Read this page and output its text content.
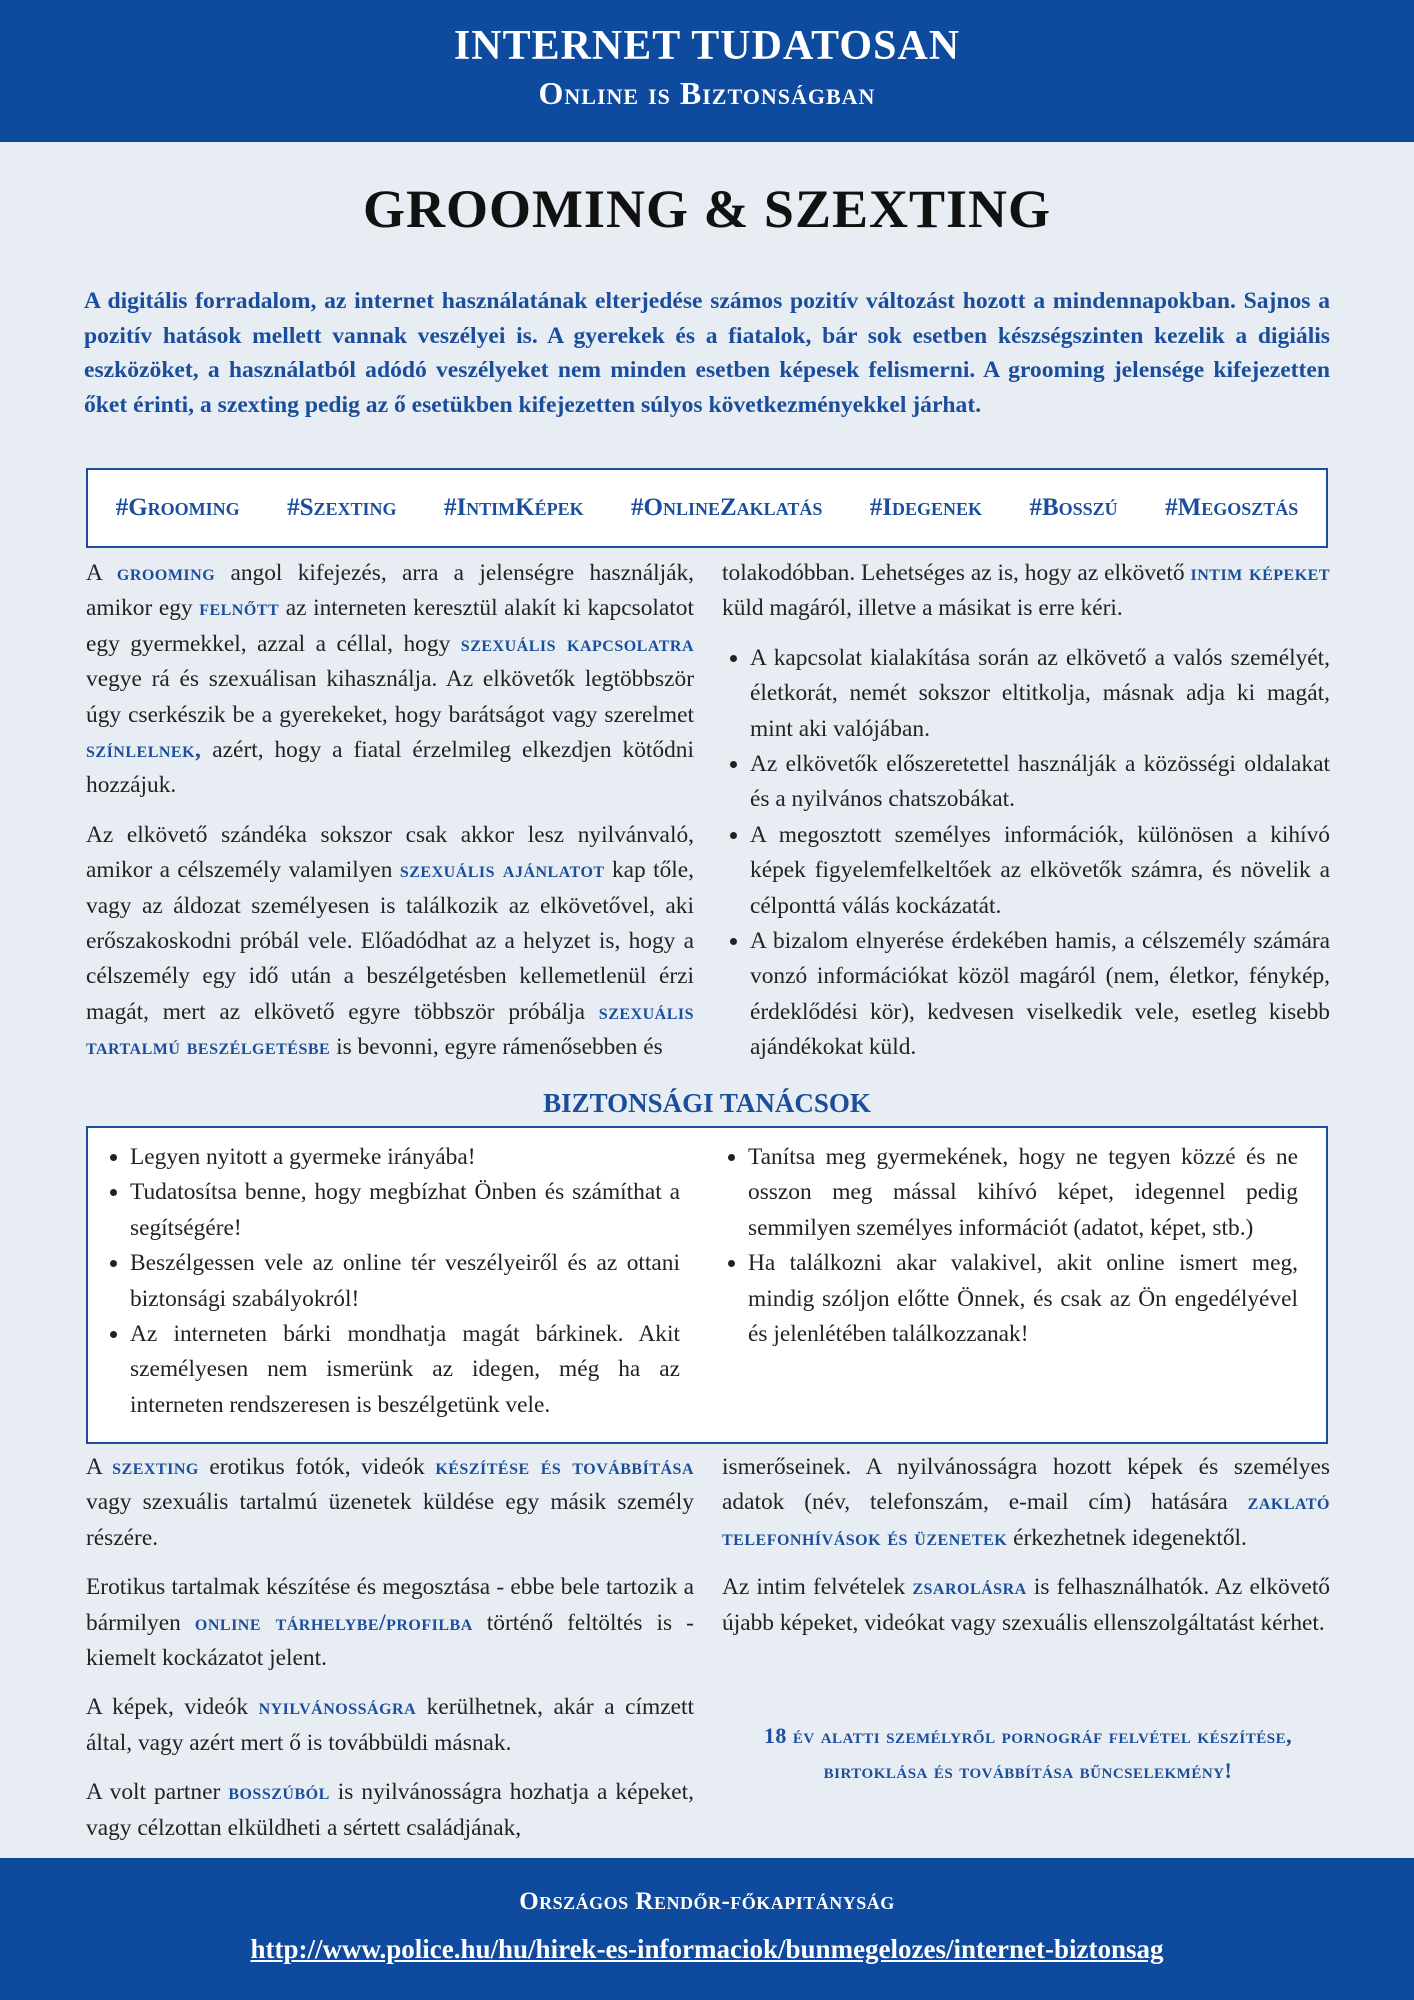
INTERNET TUDATOSAN
Online is Biztonságban
GROOMING & SZEXTING
A digitális forradalom, az internet használatának elterjedése számos pozitív változást hozott a mindennapokban. Sajnos a pozitív hatások mellett vannak veszélyei is. A gyerekek és a fiatalok, bár sok esetben készségszinten kezelik a digiális eszközöket, a használatból adódó veszélyeket nem minden esetben képesek felismerni. A grooming jelensége kifejezetten őket érinti, a szexting pedig az ő esetükben kifejezetten súlyos következményekkel járhat.
#Grooming #Szexting #IntimKépek #OnlineZaklatás #Idegenek #Bosszú #Megosztás

A grooming angol kifejezés, arra a jelenségre használják, amikor egy felnőtt az interneten keresztül alakít ki kapcsolatot egy gyermekkel, azzal a céllal, hogy szexuális kapcsolatra vegye rá és szexuálisan kihasználja. Az elkövetők legtöbbször úgy cserkészik be a gyerekeket, hogy barátságot vagy szerelmet színlelnek, azért, hogy a fiatal érzelmileg elkezdjen kötődni hozzájuk.

Az elkövető szándéka sokszor csak akkor lesz nyilvánvaló, amikor a célszemély valamilyen szexuális ajánlatot kap tőle, vagy az áldozat személyesen is találkozik az elkövetővel, aki erőszakoskodni próbál vele. Előadódhat az a helyzet is, hogy a célszemély egy idő után a beszélgetésben kellemetlenül érzi magát, mert az elkövető egyre többször próbálja szexuális tartalmú beszélgetésbe is bevonni, egyre rámenősebben és

tolakodóbban. Lehetséges az is, hogy az elkövető intim képeket küld magáról, illetve a másikat is erre kéri.

• A kapcsolat kialakítása során az elkövető a valós személyét, életkorát, nemét sokszor eltitkolja, másnak adja ki magát, mint aki valójában.
• Az elkövetők előszeretettel használják a közösségi oldalakat és a nyilvános chatszobákat.
• A megosztott személyes információk, különösen a kihívó képek figyelemfelkeltőek az elkövetők számra, és növelik a célponttá válás kockázatát.
• A bizalom elnyerése érdekében hamis, a célszemély számára vonzó információkat közöl magáról (nem, életkor, fénykép, érdeklődési kör), kedvesen viselkedik vele, esetleg kisebb ajándékokat küld.
BIZTONSÁGI TANÁCSOK
• Legyen nyitott a gyermeke irányába!
• Tudatosítsa benne, hogy megbízhat Önben és számíthat a segítségére!
• Beszélgessen vele az online tér veszélyeiről és az ottani biztonsági szabályokról!
• Az interneten bárki mondhatja magát bárkinek. Akit személyesen nem ismerünk az idegen, még ha az interneten rendszeresen is beszélgetünk vele.
• Tanítsa meg gyermekének, hogy ne tegyen közzé és ne osszon meg mással kihívó képet, idegennel pedig semmilyen személyes információt (adatot, képet, stb.)
• Ha találkozni akar valakivel, akit online ismert meg, mindig szóljon előtte Önnek, és csak az Ön engedélyével és jelenlétében találkozzanak!

A szexting erotikus fotók, videók készítése és továbbítása vagy szexuális tartalmú üzenetek küldése egy másik személy részére.

Erotikus tartalmak készítése és megosztása - ebbe bele tartozik a bármilyen online tárhelybe/profilba történő feltöltés is - kiemelt kockázatot jelent.

A képek, videók nyilvánosságra kerülhetnek, akár a címzett által, vagy azért mert ő is továbbüldi másnak.

A volt partner bosszúból is nyilvánosságra hozhatja a képeket, vagy célzottan elküldheti a sértett családjának,

ismerőseinek. A nyilvánosságra hozott képek és személyes adatok (név, telefonszám, e-mail cím) hatására zaklató telefonhívások és üzenetek érkezhetnek idegenektől.

Az intim felvételek zsarolásra is felhasználhatók. Az elkövető újabb képeket, videókat vagy szexuális ellenszolgáltatást kérhet.

18 év alatti személyről pornográf felvétel készítése, birtoklása és továbbítása bűncselekmény!
Országos Rendőr-főkapitányság
http://www.police.hu/hu/hirek-es-informaciok/bunmegelozes/internet-biztonsag
